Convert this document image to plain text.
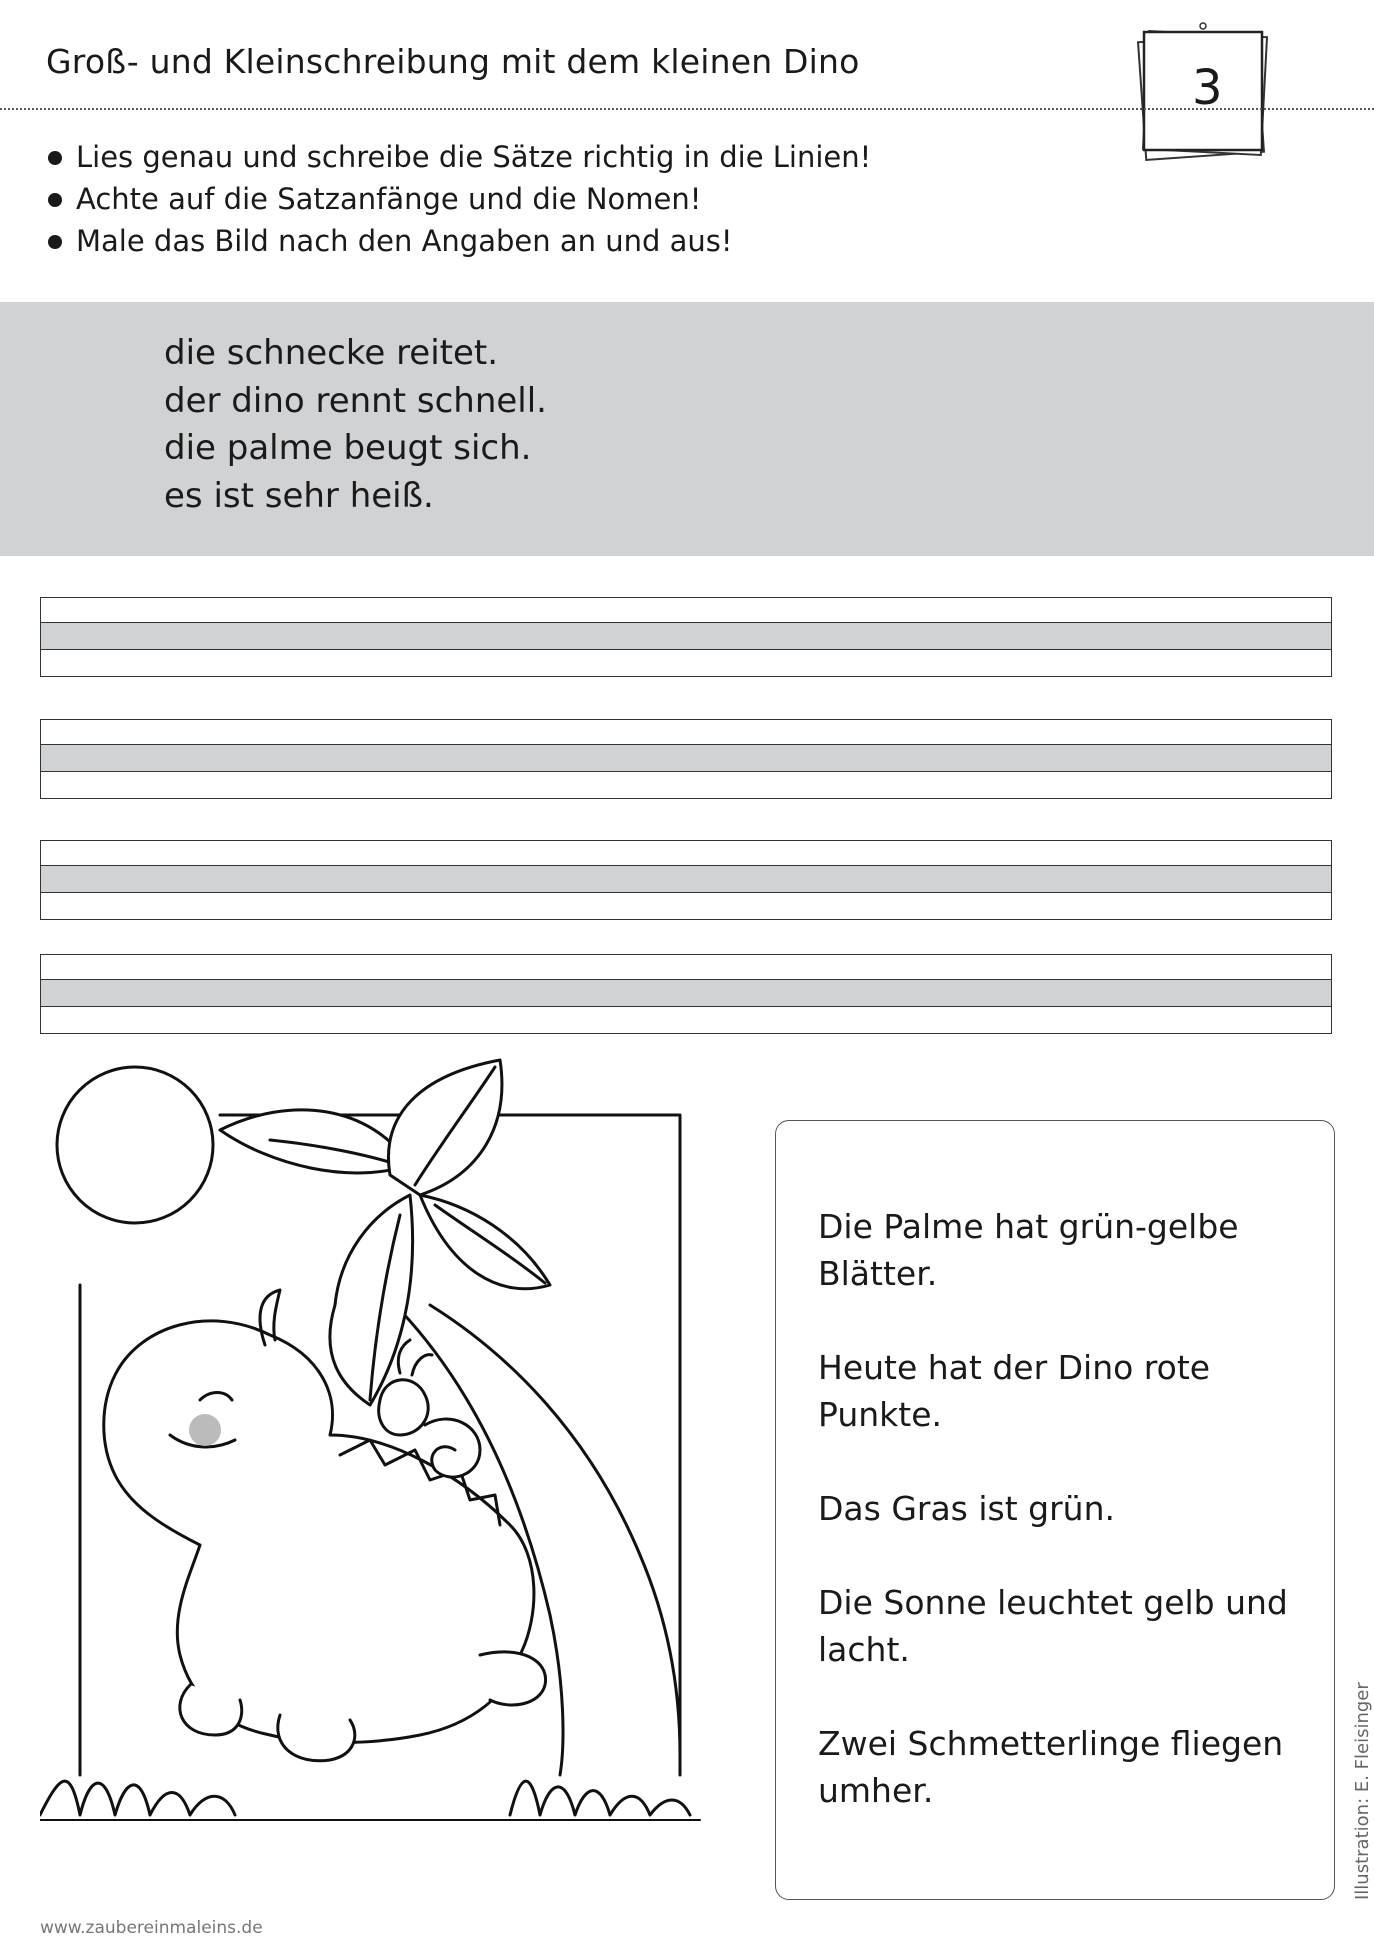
Groß- und Kleinschreibung mit dem kleinen Dino	3
Lies genau und schreibe die Sätze richtig in die Linien!
Achte auf die Satzanfänge und die Nomen!
Male das Bild nach den Angaben an und aus!
die schnecke reitet.
der dino rennt schnell.
die palme beugt sich.
es ist sehr heiß.
Die Palme hat grün-gelbe Blätter.
Heute hat der Dino rote Punkte.
Das Gras ist grün.
Die Sonne leuchtet gelb und lacht.
Zwei Schmetterlinge fliegen umher.	Illustration: E. Fleisinger
www.zaubereinmaleins.de
